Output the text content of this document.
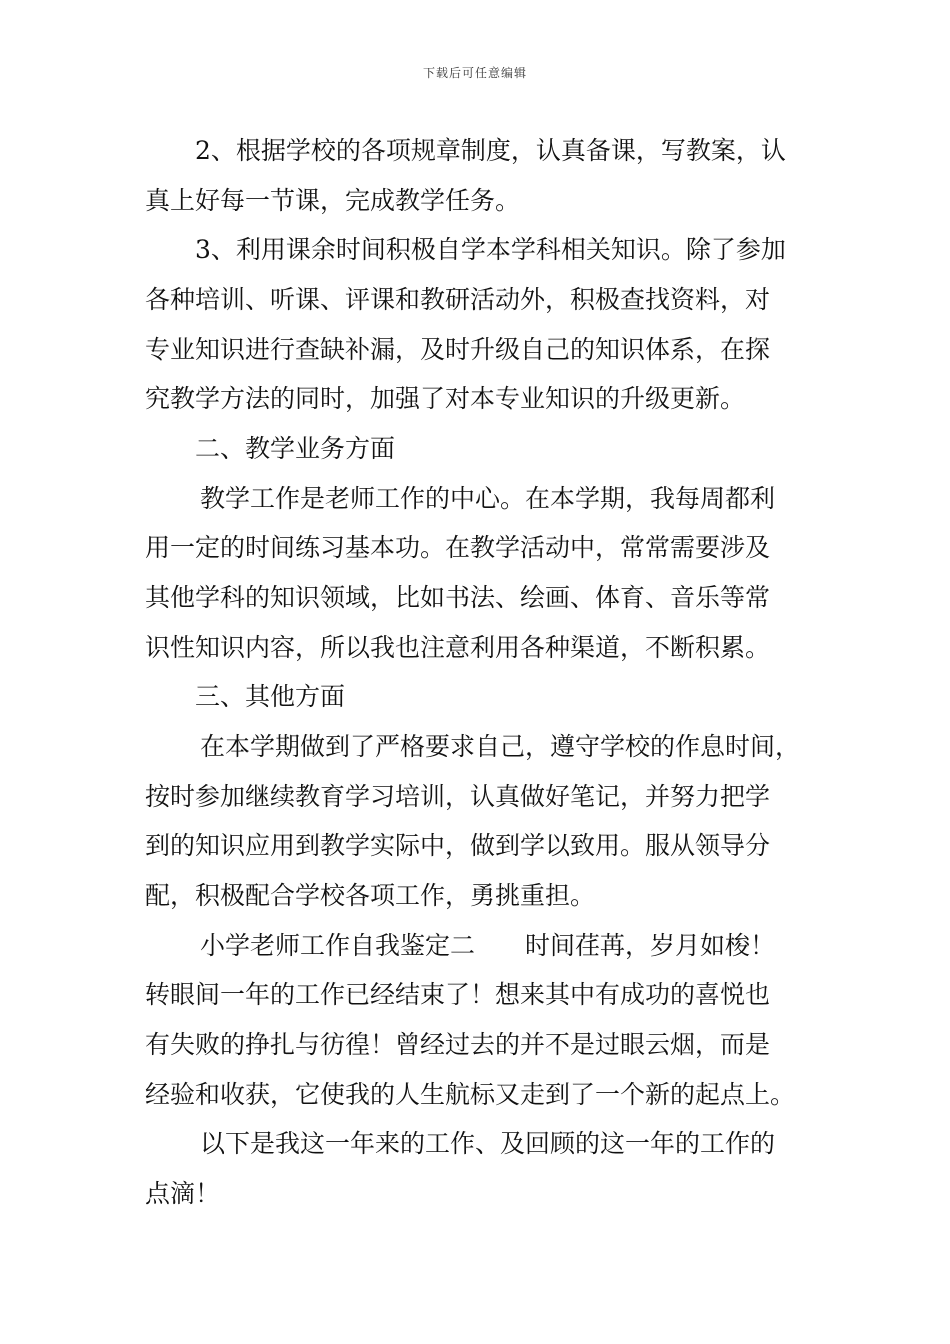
下载后可任意编辑
2、根据学校的各项规章制度，认真备课，写教案，认
真上好每一节课，完成教学任务。
3、利用课余时间积极自学本学科相关知识。除了参加
各种培训、听课、评课和教研活动外，积极查找资料，对
专业知识进行查缺补漏，及时升级自己的知识体系，在探
究教学方法的同时，加强了对本专业知识的升级更新。
二、教学业务方面
教学工作是老师工作的中心。在本学期，我每周都利
用一定的时间练习基本功。在教学活动中，常常需要涉及
其他学科的知识领域，比如书法、绘画、体育、音乐等常
识性知识内容，所以我也注意利用各种渠道，不断积累。
三、其他方面
在本学期做到了严格要求自己，遵守学校的作息时间，
按时参加继续教育学习培训，认真做好笔记，并努力把学
到的知识应用到教学实际中，做到学以致用。服从领导分
配，积极配合学校各项工作，勇挑重担。
小学老师工作自我鉴定二　　时间荏苒，岁月如梭！
转眼间一年的工作已经结束了！想来其中有成功的喜悦也
有失败的挣扎与彷徨！曾经过去的并不是过眼云烟，而是
经验和收获，它使我的人生航标又走到了一个新的起点上。
以下是我这一年来的工作、及回顾的这一年的工作的
点滴！
